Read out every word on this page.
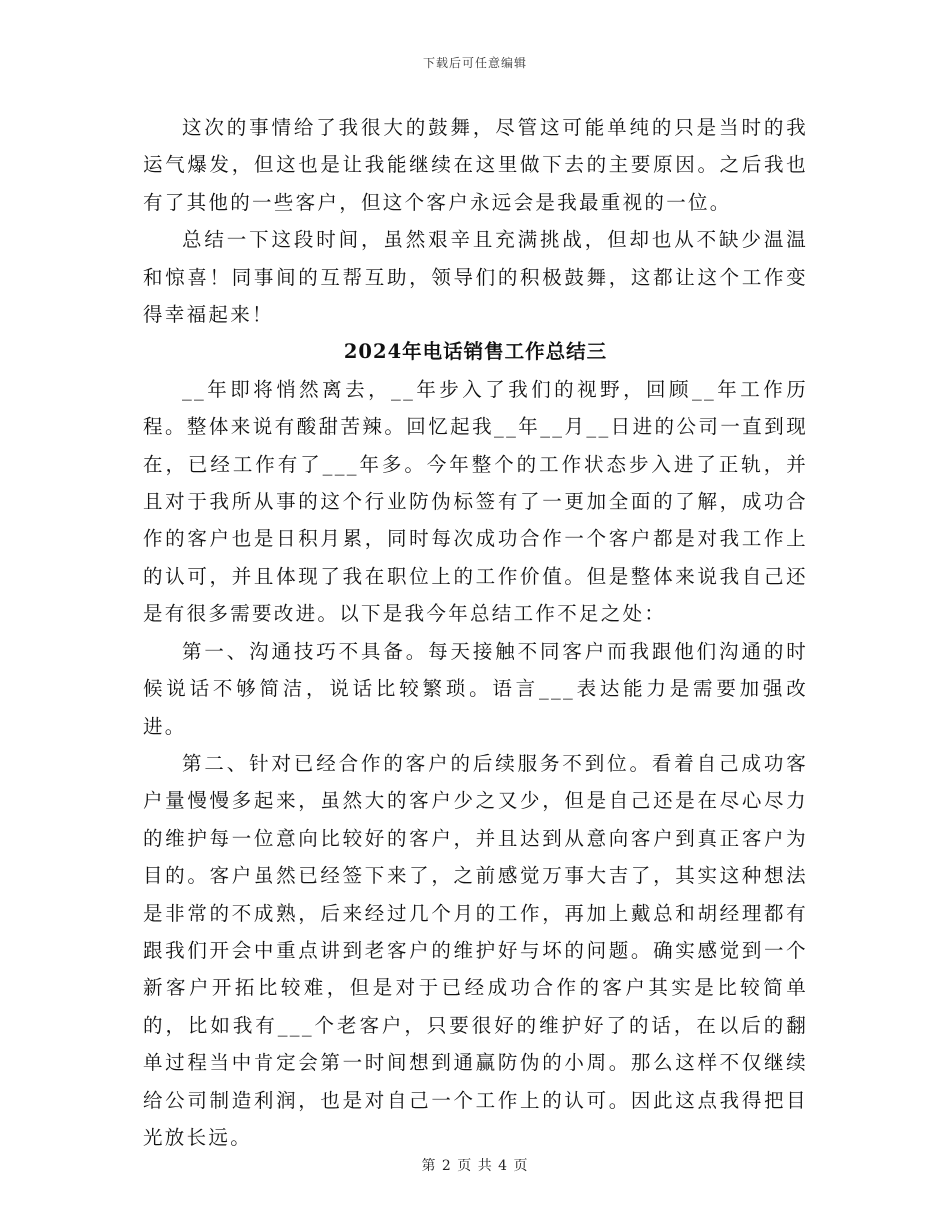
下载后可任意编辑

这次的事情给了我很大的鼓舞，尽管这可能单纯的只是当时的我运气爆发，但这也是让我能继续在这里做下去的主要原因。之后我也有了其他的一些客户，但这个客户永远会是我最重视的一位。

总结一下这段时间，虽然艰辛且充满挑战，但却也从不缺少温温和惊喜！同事间的互帮互助，领导们的积极鼓舞，这都让这个工作变得幸福起来！

2024年电话销售工作总结三

__年即将悄然离去，__年步入了我们的视野，回顾__年工作历程。整体来说有酸甜苦辣。回忆起我__年__月__日进的公司一直到现在，已经工作有了___年多。今年整个的工作状态步入进了正轨，并且对于我所从事的这个行业防伪标签有了一更加全面的了解，成功合作的客户也是日积月累，同时每次成功合作一个客户都是对我工作上的认可，并且体现了我在职位上的工作价值。但是整体来说我自己还是有很多需要改进。以下是我今年总结工作不足之处：

第一、沟通技巧不具备。每天接触不同客户而我跟他们沟通的时候说话不够简洁，说话比较繁琐。语言___表达能力是需要加强改进。

第二、针对已经合作的客户的后续服务不到位。看着自己成功客户量慢慢多起来，虽然大的客户少之又少，但是自己还是在尽心尽力的维护每一位意向比较好的客户，并且达到从意向客户到真正客户为目的。客户虽然已经签下来了，之前感觉万事大吉了，其实这种想法是非常的不成熟，后来经过几个月的工作，再加上戴总和胡经理都有跟我们开会中重点讲到老客户的维护好与坏的问题。确实感觉到一个新客户开拓比较难，但是对于已经成功合作的客户其实是比较简单的，比如我有___个老客户，只要很好的维护好了的话，在以后的翻单过程当中肯定会第一时间想到通赢防伪的小周。那么这样不仅继续给公司制造利润，也是对自己一个工作上的认可。因此这点我得把目光放长远。

第 2 页 共 4 页
